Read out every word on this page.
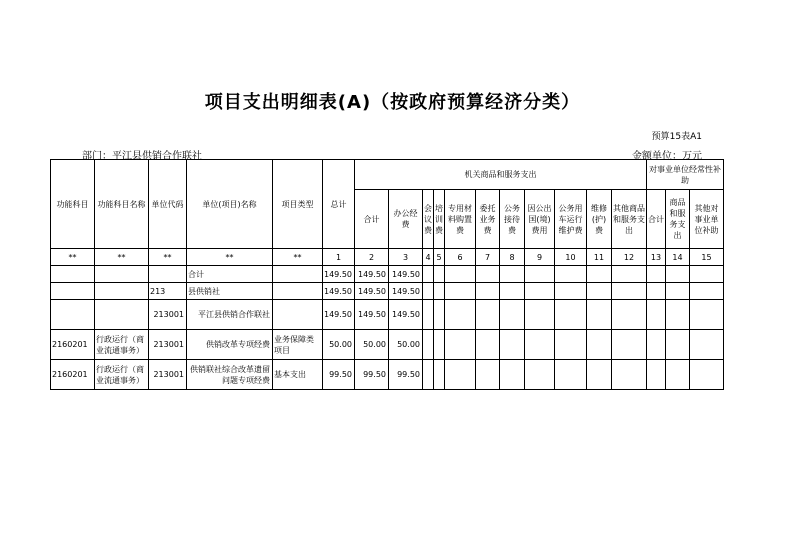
项目支出明细表(A)（按政府预算经济分类）
预算15表A1
部门：平江县供销合作联社	金额单位：万元
功能科目	功能科目名称	单位代码	单位(项目)名称	项目类型	总计	机关商品和服务支出											对事业单位经常性补助		
						合计	办公经费	会议费	培训费	专用材料购置费	委托业务费	公务接待费	因公出国(境)费用	公务用车运行维护费	维修(护)费	其他商品和服务支出	合计	商品和服务支出	其他对事业单位补助
**	**	**	**	**	1	2	3	4	5	6	7	8	9	10	11	12	13	14	15
			合计		149.50	149.50	149.50												
		213	县供销社		149.50	149.50	149.50												
		213001	平江县供销合作联社		149.50	149.50	149.50												
2160201	行政运行（商业流通事务）	213001	供销改革专项经费	业务保障类项目	50.00	50.00	50.00												
2160201	行政运行（商业流通事务）	213001	供销联社综合改革遗留问题专项经费	基本支出	99.50	99.50	99.50												
